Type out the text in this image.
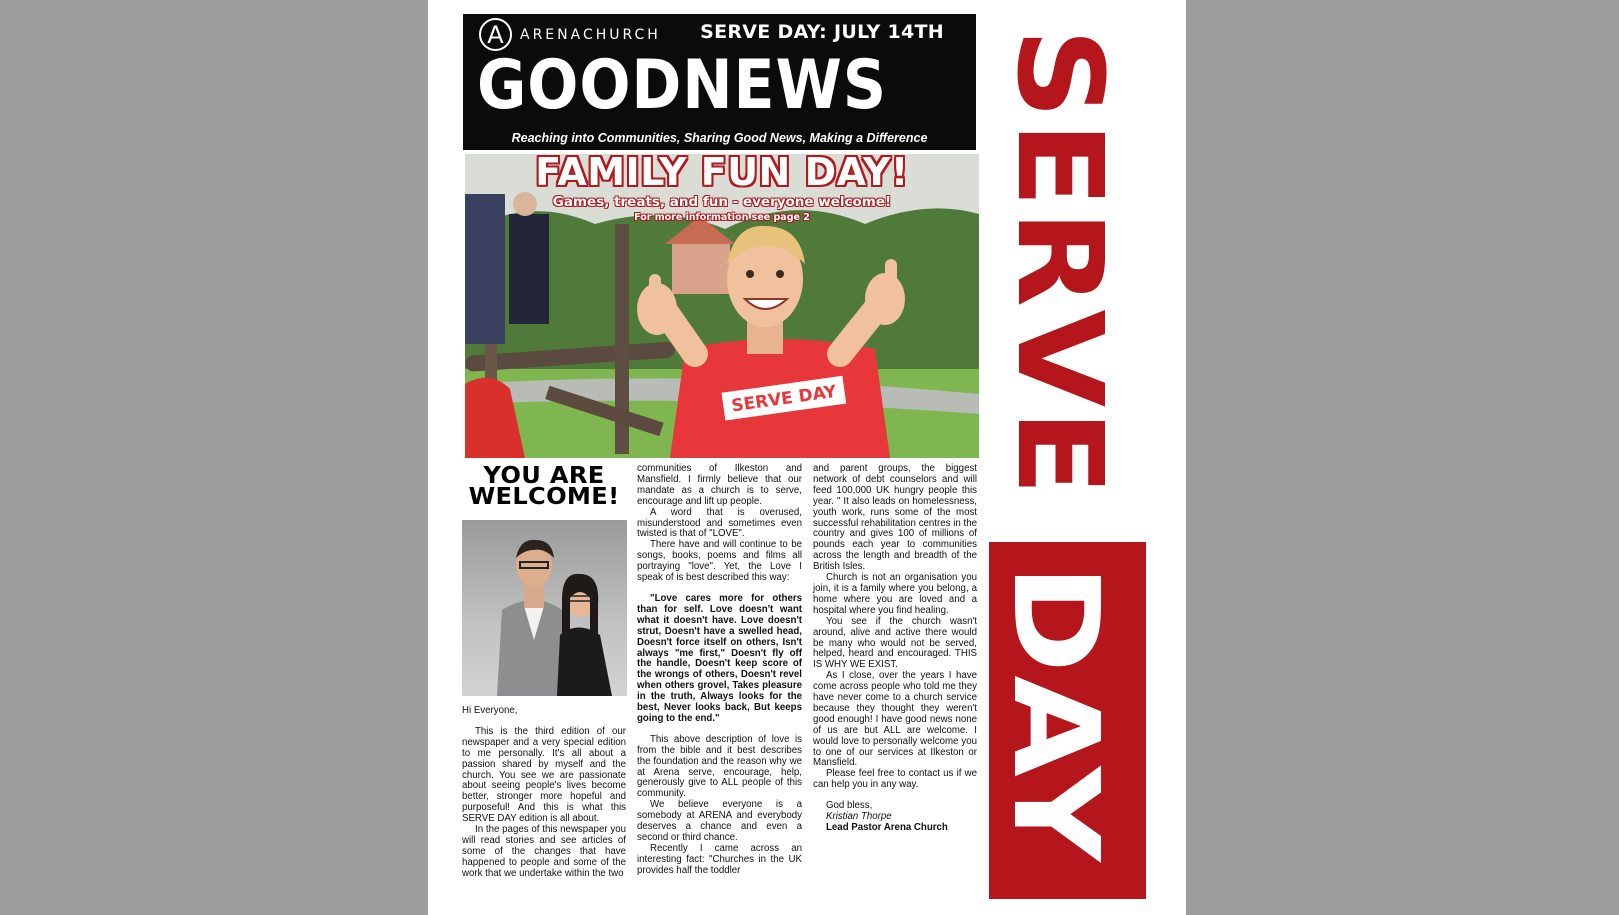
A	ARENACHURCH SERVE DAY: JULY 14TH
GOODNEWS
Reaching into Communities, Sharing Good News, Making a Difference
SERVE DAY
FAMILY FUN DAY!
Games, treats, and fun - everyone welcome!
For more information see page 2
YOU ARE WELCOME!

Hi Everyone,

This is the third edition of our newspaper and a very special edition to me personally. It's all about a passion shared by myself and the church. You see we are passionate about seeing people's lives become better, stronger more hopeful and purposeful! And this is what this SERVE DAY edition is all about.

In the pages of this newspaper you will read stories and see articles of some of the changes that have happened to people and some of the work that we undertake within the two

communities of Ilkeston and Mansfield. I firmly believe that our mandate as a church is to serve, encourage and lift up people.

A word that is overused, misunderstood and sometimes even twisted is that of "LOVE".

There have and will continue to be songs, books, poems and films all portraying "love". Yet, the Love I speak of is best described this way:

"Love cares more for others than for self. Love doesn't want what it doesn't have. Love doesn't strut, Doesn't have a swelled head, Doesn't force itself on others, Isn't always "me first," Doesn't fly off the handle, Doesn't keep score of the wrongs of others, Doesn't revel when others grovel, Takes pleasure in the truth, Always looks for the best, Never looks back, But keeps going to the end."

This above description of love is from the bible and it best describes the foundation and the reason why we at Arena serve, encourage, help, generously give to ALL people of this community.

We believe everyone is a somebody at ARENA and everybody deserves a chance and even a second or third chance.

Recently I came across an interesting fact: "Churches in the UK provides half the toddler

and parent groups, the biggest network of debt counselors and will feed 100,000 UK hungry people this year. " It also leads on homelessness, youth work, runs some of the most successful rehabilitation centres in the country and gives 100 of millions of pounds each year to communities across the length and breadth of the British Isles.

Church is not an organisation you join, it is a family where you belong, a home where you are loved and a hospital where you find healing.

You see if the church wasn't around, alive and active there would be many who would not be served, helped, heard and encouraged. THIS IS WHY WE EXIST.

As I close, over the years I have come across people who told me they have never come to a church service because they thought they weren't good enough! I have good news none of us are but ALL are welcome. I would love to personally welcome you to one of our services at Ilkeston or Mansfield.

Please feel free to contact us if we can help you in any way.

God bless,

Kristian Thorpe

Lead Pastor Arena Church

SERVE
DAY
